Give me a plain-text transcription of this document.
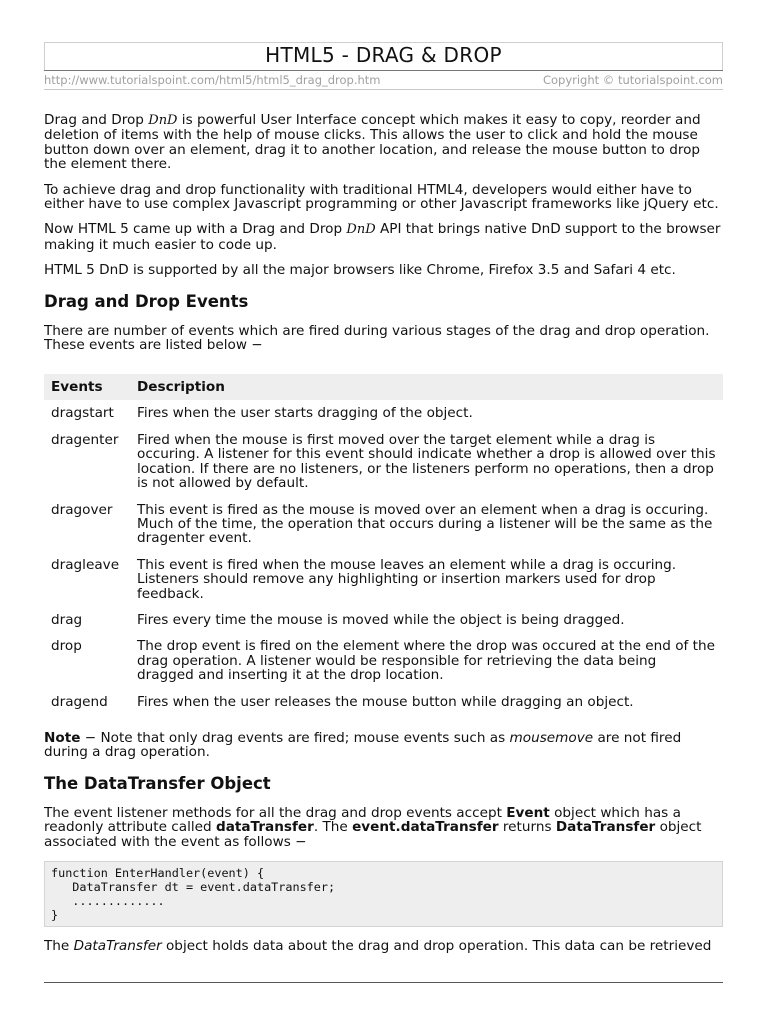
HTML5 - DRAG & DROP
http://www.tutorialspoint.com/html5/html5_drag_drop.htm	Copyright © tutorialspoint.com

Drag and Drop DnD is powerful User Interface concept which makes it easy to copy, reorder and deletion of items with the help of mouse clicks. This allows the user to click and hold the mouse button down over an element, drag it to another location, and release the mouse button to drop the element there.

To achieve drag and drop functionality with traditional HTML4, developers would either have to either have to use complex Javascript programming or other Javascript frameworks like jQuery etc.

Now HTML 5 came up with a Drag and Drop DnD API that brings native DnD support to the browser making it much easier to code up.

HTML 5 DnD is supported by all the major browsers like Chrome, Firefox 3.5 and Safari 4 etc.

Drag and Drop Events

There are number of events which are fired during various stages of the drag and drop operation. These events are listed below −

Events	Description
dragstart	Fires when the user starts dragging of the object.
dragenter	Fired when the mouse is first moved over the target element while a drag is occuring. A listener for this event should indicate whether a drop is allowed over this location. If there are no listeners, or the listeners perform no operations, then a drop is not allowed by default.
dragover	This event is fired as the mouse is moved over an element when a drag is occuring. Much of the time, the operation that occurs during a listener will be the same as the dragenter event.
dragleave	This event is fired when the mouse leaves an element while a drag is occuring. Listeners should remove any highlighting or insertion markers used for drop feedback.
drag	Fires every time the mouse is moved while the object is being dragged.
drop	The drop event is fired on the element where the drop was occured at the end of the drag operation. A listener would be responsible for retrieving the data being dragged and inserting it at the drop location.
dragend	Fires when the user releases the mouse button while dragging an object.

Note − Note that only drag events are fired; mouse events such as mousemove are not fired during a drag operation.

The DataTransfer Object

The event listener methods for all the drag and drop events accept Event object which has a readonly attribute called dataTransfer. The event.dataTransfer returns DataTransfer object associated with the event as follows −

function EnterHandler(event) {
DataTransfer dt = event.dataTransfer;
.............
}

The DataTransfer object holds data about the drag and drop operation. This data can be retrieved
